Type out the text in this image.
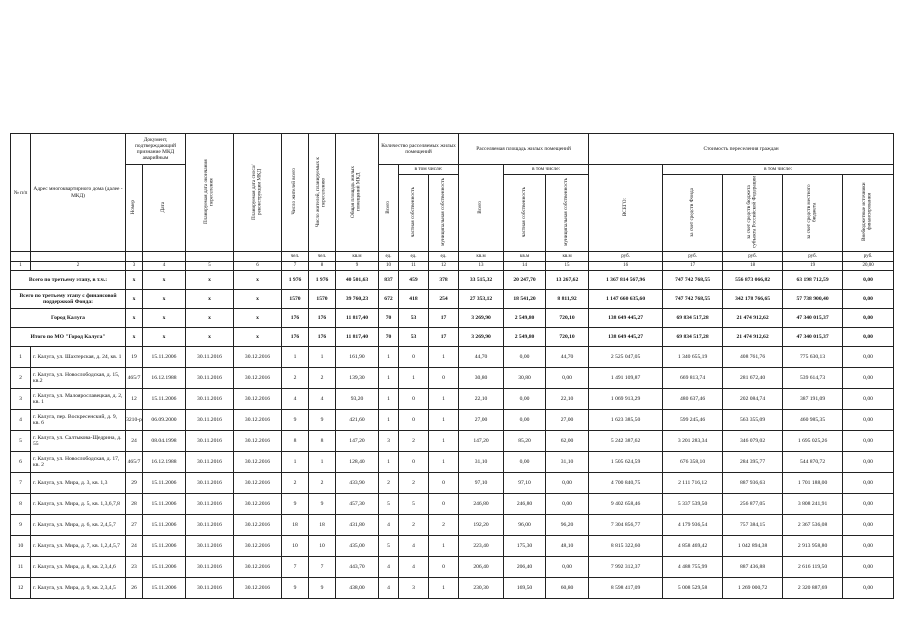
№ п/п	Адрес многоквартирного дома (далее - МКД)	Документ, подтверждающий признание МКД аварийным		Планируемая дата окончания переселения	Планируемая дата сноса/реконструкции МКД	Число жителей всего	Число жителей, планируемых к переселению	Общая площадь жилых помещений МКД	Количество расселяемых жилых помещений			Расселяемая площадь жилых помещений			Стоимость переселения граждан				
		Номер	Дата						Всего	в том числе:		Всего	в том числе:		ВСЕГО:	в том числе:			
										частная собственность	муниципальная собственность		частная собственность	муниципальная собственность		за счет средств Фонда	за счет средств бюджета субъекта Российской Федерации	за счет средств местного бюджета	Внебюджетные источники финансирования
						чел.	чел.	кв.м	ед.	ед.	ед.	кв.м	кв.м	кв.м	руб.	руб.	руб.	руб.	руб.
1	2	3	4	5	6	7	8	9	10	11	12	13	14	15	16	17	18	19	20,00
Всего по третьему этапу, в т.ч.:		x	x	x	x	1 976	1 976	40 501,63	837	459	378	33 515,32	20 247,70	13 267,62	1 367 814 567,96	747 742 768,55	556 873 066,82	63 198 712,59	0,00
Всего по третьему этапу с финансовой поддержкой Фонда:		x	x	x	x	1570	1570	39 760,23	672	418	254	27 353,12	18 541,20	8 811,92	1 147 660 635,60	747 742 768,55	342 178 766,65	57 738 900,40	0,00
Город Калуга		x	x	x	x	176	176	11 817,40	70	53	17	3 269,90	2 549,80	720,10	138 649 445,27	69 834 517,28	21 474 912,62	47 340 015,37	0,00
Итого по МО "Город Калуга"		x	x	x	x	176	176	11 817,40	70	53	17	3 269,90	2 549,80	720,10	138 649 445,27	69 834 517,28	21 474 912,62	47 340 015,37	0,00
1	г. Калуга, ул. Шахтерская, д. 24, кв. 1	19	15.11.2006	30.11.2016	30.12.2016	1	1	161,90	1	0	1	44,70	0,00	44,70	2 525 047,05	1 340 655,19	408 761,76	775 630,13	0,00
2	г. Калуга, ул. Новослободская, д. 15, кв.2	465/7	16.12.1988	30.11.2016	30.12.2016	2	2	139,30	1	1	0	30,80	30,80	0,00	1 491 109,87	669 813,74	281 672,40	539 614,73	0,00
3	г. Калуга, ул. Малоярославецкая, д. 2, кв. 1	12	15.11.2006	30.11.2016	30.12.2016	4	4	93,20	1	0	1	22,10	0,00	22,10	1 069 913,29	480 637,46	202 084,74	387 191,09	0,00
4	г. Калуга, пер. Воскресенский, д. 9, кв. 6	3210-р	06.09.2000	30.11.2016	30.12.2016	9	9	421,60	1	0	1	27,00	0,00	27,00	1 623 385,50	599 245,46	563 355,09	460 985,35	0,00
5	г. Калуга, ул. Салтыкова-Щедрина, д. 55	24	08.04.1998	30.11.2016	30.12.2016	8	8	147,20	3	2	1	147,20	85,20	62,00	5 242 387,62	3 201 283,34	346 079,02	1 695 025,26	0,00
6	г. Калуга, ул. Новослободская, д. 17, кв. 2	465/7	16.12.1988	30.11.2016	30.12.2016	1	1	128,40	1	0	1	31,10	0,00	31,10	1 505 624,59	676 358,10	284 395,77	544 870,72	0,00
7	г. Калуга, ул. Мира, д. 3, кв. 1,3	29	15.11.2006	30.11.2016	30.12.2016	2	2	433,90	2	2	0	97,10	97,10	0,00	4 700 840,75	2 111 716,12	887 936,63	1 701 188,00	0,00
8	г. Калуга, ул. Мира, д. 5, кв. 1,3,6,7,8	28	15.11.2006	30.11.2016	30.12.2016	9	9	457,30	5	5	0	246,80	246,80	0,00	9 402 658,46	5 337 539,50	256 877,05	3 808 241,91	0,00
9	г. Калуга, ул. Мира, д. 6, кв. 2,4,5,7	27	15.11.2006	30.11.2016	30.12.2016	18	18	431,80	4	2	2	192,20	96,00	96,20	7 304 856,77	4 179 936,54	757 384,15	2 367 536,08	0,00
10	г. Калуга, ул. Мира, д. 7, кв. 1,2,4,5,7	24	15.11.2006	30.11.2016	30.12.2016	10	10	435,00	5	4	1	223,40	175,30	48,10	8 815 322,60	4 858 469,42	1 042 894,38	2 913 958,80	0,00
11	г. Калуга, ул. Мира, д. 8, кв. 2,3,4,6	23	15.11.2006	30.11.2016	30.12.2016	7	7	443,70	4	4	0	206,40	206,40	0,00	7 992 312,37	4 488 755,99	887 436,88	2 616 119,50	0,00
12	г. Калуга, ул. Мира, д. 9, кв. 2,3,4,5	26	15.11.2006	30.11.2016	30.12.2016	9	9	438,00	4	3	1	230,30	169,50	60,80	8 598 417,09	5 008 529,58	1 269 000,72	2 320 887,69	0,00
